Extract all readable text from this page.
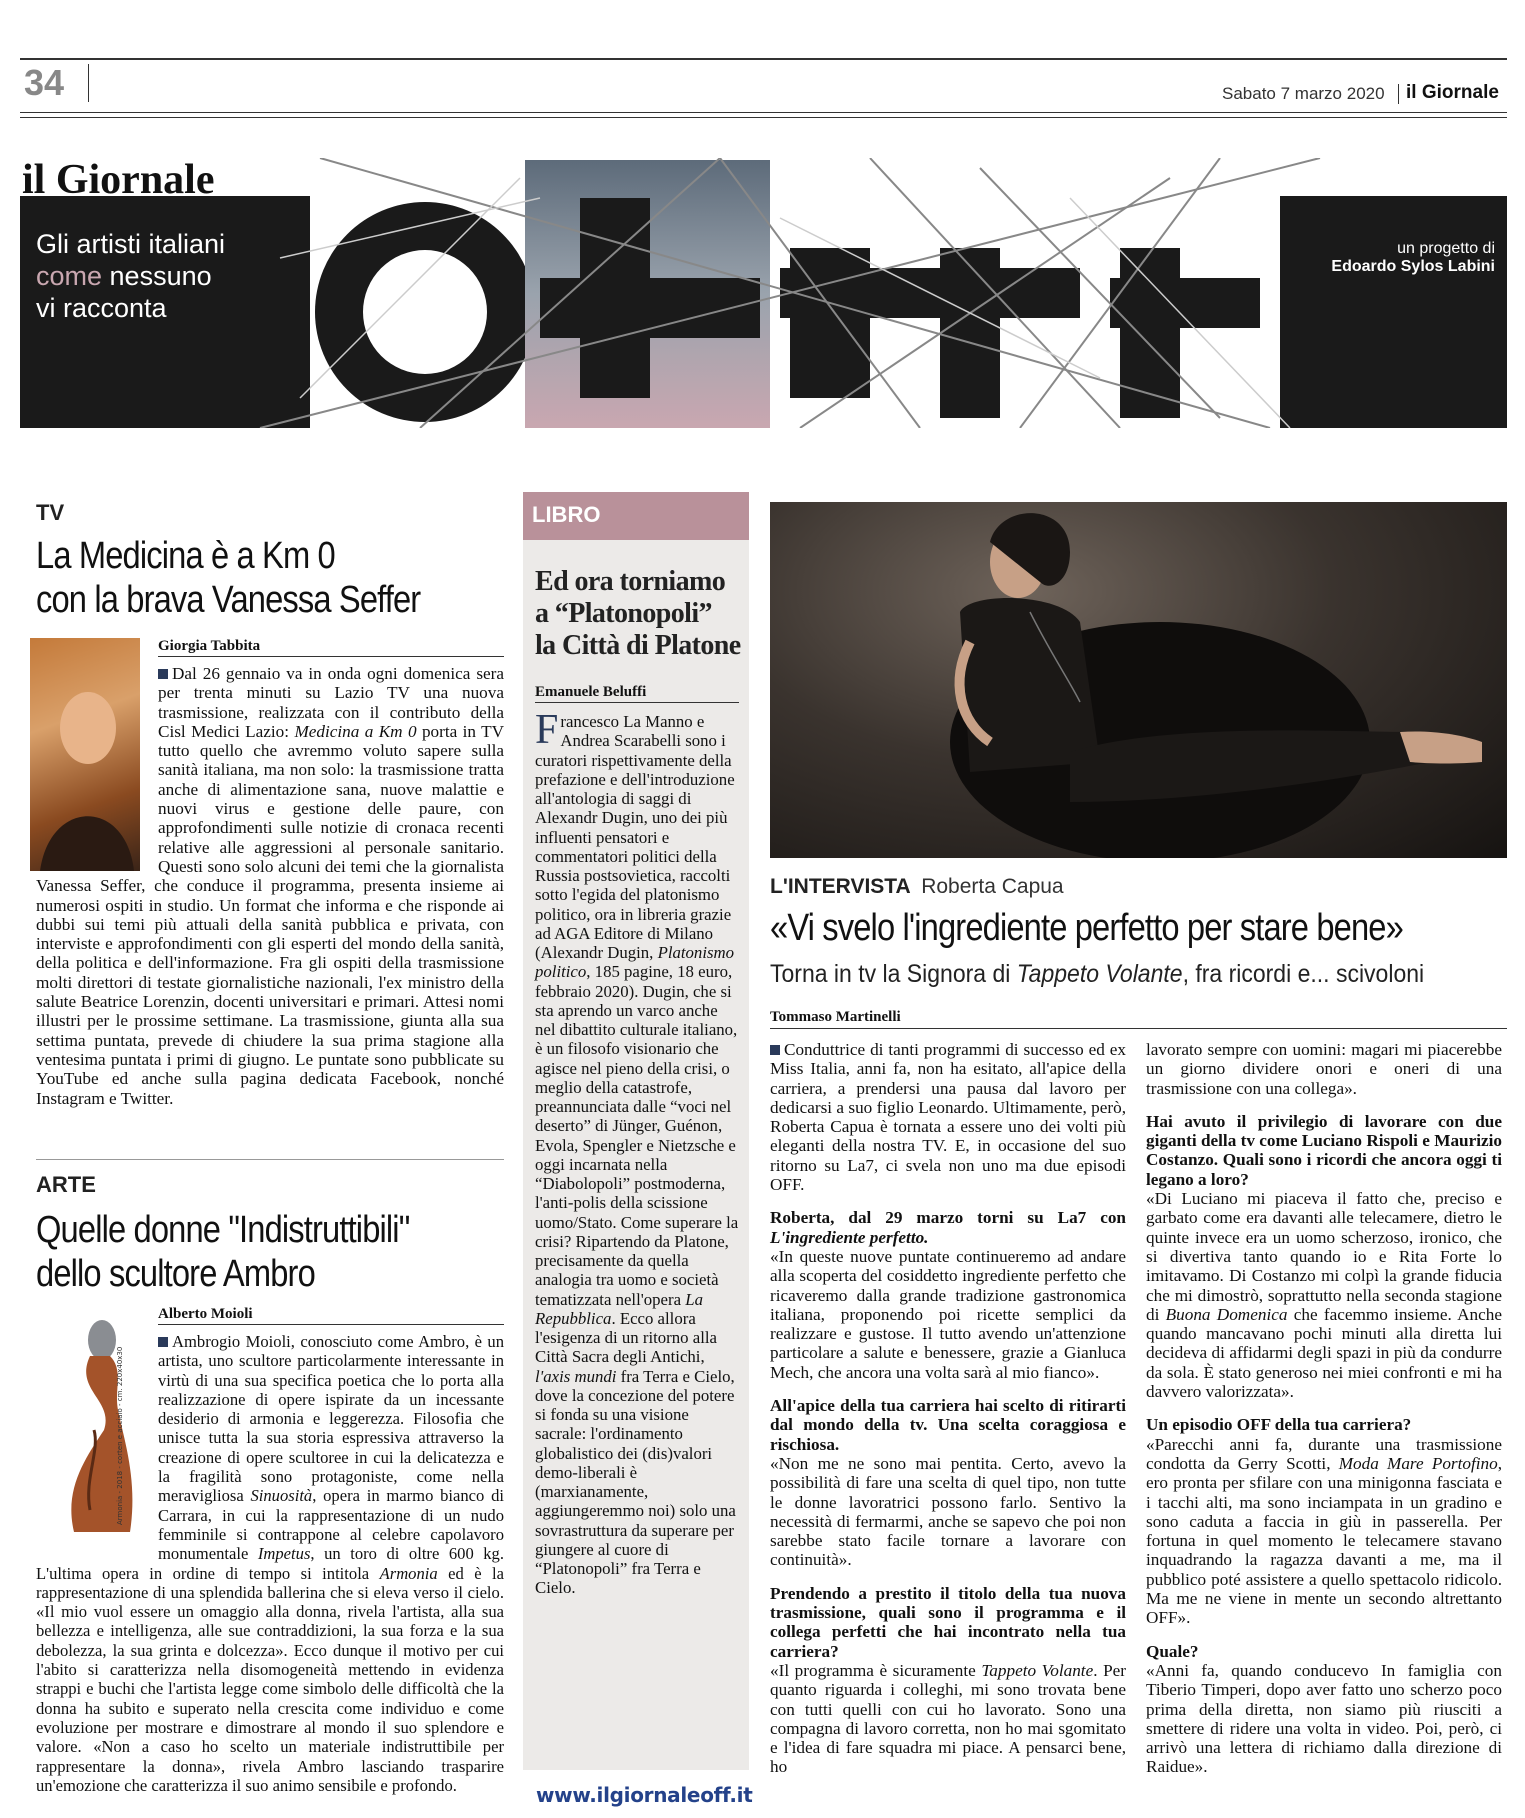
34	Sabato 7 marzo 2020 il Giornale
il Giornale
Gli artisti italiani
come nessuno
vi racconta
un progetto di
Edoardo Sylos Labini
TV
La Medicina è a Km 0
con la brava Vanessa Seffer
Giorgia Tabbita
Dal 26 gennaio va in onda ogni domenica sera per trenta minuti su Lazio TV una nuova trasmissione, realizzata con il contributo della Cisl Medici Lazio: Medicina a Km 0 porta in TV tutto quello che avremmo voluto sapere sulla sanità italiana, ma non solo: la trasmissione tratta anche di alimentazione sana, nuove malattie e nuovi virus e gestione delle paure, con approfondimenti sulle notizie di cronaca recenti relative alle aggressioni al personale sanitario. Questi sono solo alcuni dei temi che la giornalista Vanessa Seffer, che conduce il programma, presenta insieme ai numerosi ospiti in studio. Un format che informa e che risponde ai dubbi sui temi più attuali della sanità pubblica e privata, con interviste e approfondimenti con gli esperti del mondo della sanità, della politica e dell'informazione. Fra gli ospiti della trasmissione molti direttori di testate giornalistiche nazionali, l'ex ministro della salute Beatrice Lorenzin, docenti universitari e primari. Attesi nomi illustri per le prossime settimane. La trasmissione, giunta alla sua settima puntata, prevede di chiudere la sua prima stagione alla ventesima puntata i primi di giugno. Le puntate sono pubblicate su YouTube ed anche sulla pagina dedicata Facebook, nonché Instagram e Twitter.
ARTE
Quelle donne "Indistruttibili"
dello scultore Ambro
Alberto Moioli
Armonia - 2018 - corten e acciaio - cm. 220x40x30
Ambrogio Moioli, conosciuto come Ambro, è un artista, uno scultore particolarmente interessante in virtù di una sua specifica poetica che lo porta alla realizzazione di opere ispirate da un incessante desiderio di armonia e leggerezza. Filosofia che unisce tutta la sua storia espressiva attraverso la creazione di opere scultoree in cui la delicatezza e la fragilità sono protagoniste, come nella meravigliosa Sinuosità, opera in marmo bianco di Carrara, in cui la rappresentazione di un nudo femminile si contrappone al celebre capolavoro monumentale Impetus, un toro di oltre 600 kg. L'ultima opera in ordine di tempo si intitola Armonia ed è la rappresentazione di una splendida ballerina che si eleva verso il cielo. «Il mio vuol essere un omaggio alla donna, rivela l'artista, alla sua bellezza e intelligenza, alle sue contraddizioni, la sua forza e la sua debolezza, la sua grinta e dolcezza». Ecco dunque il motivo per cui l'abito si caratterizza nella disomogeneità mettendo in evidenza strappi e buchi che l'artista legge come simbolo delle difficoltà che la donna ha subito e superato nella crescita come individuo e come evoluzione per mostrare e dimostrare al mondo il suo splendore e valore. «Non a caso ho scelto un materiale indistruttibile per rappresentare la donna», rivela Ambro lasciando trasparire un'emozione che caratterizza il suo animo sensibile e profondo.
LIBRO
Ed ora torniamo
a “Platonopoli”
la Città di Platone
Emanuele Beluffi
F rancesco La Manno e Andrea Scarabelli sono i curatori rispettivamente della prefazione e dell'introduzione all'antologia di saggi di Alexandr Dugin, uno dei più influenti pensatori e commentatori politici della Russia postsovietica, raccolti sotto l'egida del platonismo politico, ora in libreria grazie ad AGA Editore di Milano (Alexandr Dugin, Platonismo politico, 185 pagine, 18 euro, febbraio 2020). Dugin, che si sta aprendo un varco anche nel dibattito culturale italiano, è un filosofo visionario che agisce nel pieno della crisi, o meglio della catastrofe, preannunciata dalle “voci nel deserto” di Jünger, Guénon, Evola, Spengler e Nietzsche e oggi incarnata nella “Diabolopoli” postmoderna, l'anti-polis della scissione uomo/Stato. Come superare la crisi? Ripartendo da Platone, precisamente da quella analogia tra uomo e società tematizzata nell'opera La Repubblica. Ecco allora l'esigenza di un ritorno alla Città Sacra degli Antichi, l'axis mundi fra Terra e Cielo, dove la concezione del potere si fonda su una visione sacrale: l'ordinamento globalistico dei (dis)valori demo-liberali è (marxianamente, aggiungeremmo noi) solo una sovrastruttura da superare per giungere al cuore di “Platonopoli” fra Terra e Cielo.
www.ilgiornaleoff.it
L'INTERVISTA Roberta Capua
«Vi svelo l'ingrediente perfetto per stare bene»
Torna in tv la Signora di Tappeto Volante, fra ricordi e... scivoloni
Tommaso Martinelli

Conduttrice di tanti programmi di successo ed ex Miss Italia, anni fa, non ha esitato, all'apice della carriera, a prendersi una pausa dal lavoro per dedicarsi a suo figlio Leonardo. Ultimamente, però, Roberta Capua è tornata a essere uno dei volti più eleganti della nostra TV. E, in occasione del suo ritorno su La7, ci svela non uno ma due episodi OFF.

Roberta, dal 29 marzo torni su La7 con L'ingrediente perfetto.

«In queste nuove puntate continueremo ad andare alla scoperta del cosiddetto ingrediente perfetto che ricaveremo dalla grande tradizione gastronomica italiana, proponendo poi ricette semplici da realizzare e gustose. Il tutto avendo un'attenzione particolare a salute e benessere, grazie a Gianluca Mech, che ancora una volta sarà al mio fianco».

All'apice della tua carriera hai scelto di ritirarti dal mondo della tv. Una scelta coraggiosa e rischiosa.

«Non me ne sono mai pentita. Certo, avevo la possibilità di fare una scelta di quel tipo, non tutte le donne lavoratrici possono farlo. Sentivo la necessità di fermarmi, anche se sapevo che poi non sarebbe stato facile tornare a lavorare con continuità».

Prendendo a prestito il titolo della tua nuova trasmissione, quali sono il programma e il collega perfetti che hai incontrato nella tua carriera?

«Il programma è sicuramente Tappeto Volante. Per quanto riguarda i colleghi, mi sono trovata bene con tutti quelli con cui ho lavorato. Sono una compagna di lavoro corretta, non ho mai sgomitato e l'idea di fare squadra mi piace. A pensarci bene, ho

lavorato sempre con uomini: magari mi piacerebbe un giorno dividere onori e oneri di una trasmissione con una collega».

Hai avuto il privilegio di lavorare con due giganti della tv come Luciano Rispoli e Maurizio Costanzo. Quali sono i ricordi che ancora oggi ti legano a loro?

«Di Luciano mi piaceva il fatto che, preciso e garbato come era davanti alle telecamere, dietro le quinte invece era un uomo scherzoso, ironico, che si divertiva tanto quando io e Rita Forte lo imitavamo. Di Costanzo mi colpì la grande fiducia che mi dimostrò, soprattutto nella seconda stagione di Buona Domenica che facemmo insieme. Anche quando mancavano pochi minuti alla diretta lui decideva di affidarmi degli spazi in più da condurre da sola. È stato generoso nei miei confronti e mi ha davvero valorizzata».

Un episodio OFF della tua carriera?

«Parecchi anni fa, durante una trasmissione condotta da Gerry Scotti, Moda Mare Portofino, ero pronta per sfilare con una minigonna fasciata e i tacchi alti, ma sono inciampata in un gradino e sono caduta a faccia in giù in passerella. Per fortuna in quel momento le telecamere stavano inquadrando la ragazza davanti a me, ma il pubblico poté assistere a quello spettacolo ridicolo. Ma me ne viene in mente un secondo altrettanto OFF».

Quale?

«Anni fa, quando conducevo In famiglia con Tiberio Timperi, dopo aver fatto uno scherzo poco prima della diretta, non siamo più riusciti a smettere di ridere una volta in video. Poi, però, ci arrivò una lettera di richiamo dalla direzione di Raidue».
